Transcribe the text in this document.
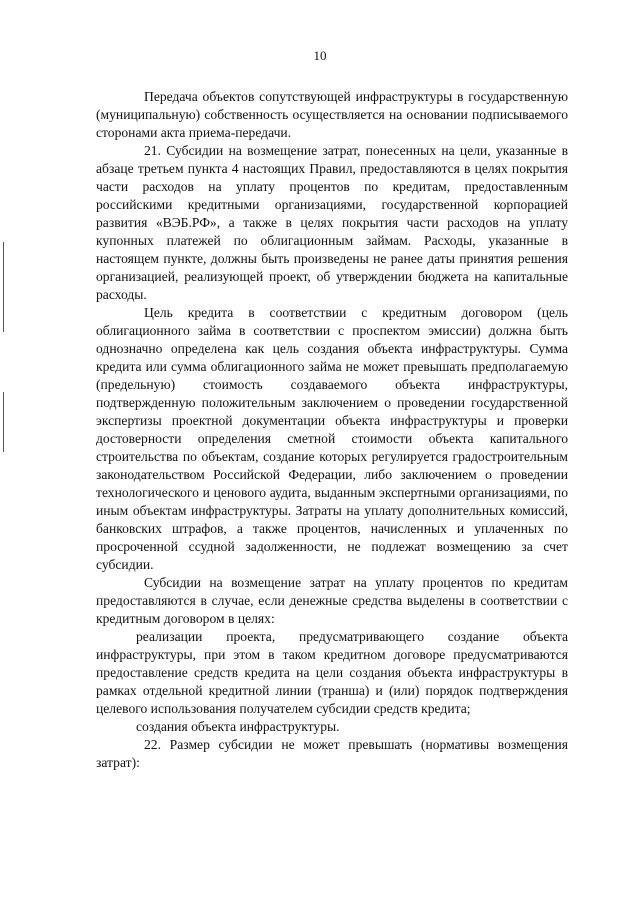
10

Передача объектов сопутствующей инфраструктуры в государственную (муниципальную) собственность осуществляется на основании подписываемого сторонами акта приема-передачи.

21. Субсидии на возмещение затрат, понесенных на цели, указанные в абзаце третьем пункта 4 настоящих Правил, предоставляются в целях покрытия части расходов на уплату процентов по кредитам, предоставленным российскими кредитными организациями, государственной корпорацией развития «ВЭБ.РФ», а также в целях покрытия части расходов на уплату купонных платежей по облигационным займам. Расходы, указанные в настоящем пункте, должны быть произведены не ранее даты принятия решения организацией, реализующей проект, об утверждении бюджета на капитальные расходы.

Цель кредита в соответствии с кредитным договором (цель облигационного займа в соответствии с проспектом эмиссии) должна быть однозначно определена как цель создания объекта инфраструктуры. Сумма кредита или сумма облигационного займа не может превышать предполагаемую (предельную) стоимость создаваемого объекта инфраструктуры, подтвержденную положительным заключением о проведении государственной экспертизы проектной документации объекта инфраструктуры и проверки достоверности определения сметной стоимости объекта капитального строительства по объектам, создание которых регулируется градостроительным законодательством Российской Федерации, либо заключением о проведении технологического и ценового аудита, выданным экспертными организациями, по иным объектам инфраструктуры. Затраты на уплату дополнительных комиссий, банковских штрафов, а также процентов, начисленных и уплаченных по просроченной ссудной задолженности, не подлежат возмещению за счет субсидии.

Субсидии на возмещение затрат на уплату процентов по кредитам предоставляются в случае, если денежные средства выделены в соответствии с кредитным договором в целях:

реализации проекта, предусматривающего создание объекта инфраструктуры, при этом в таком кредитном договоре предусматриваются предоставление средств кредита на цели создания объекта инфраструктуры в рамках отдельной кредитной линии (транша) и (или) порядок подтверждения целевого использования получателем субсидии средств кредита;

создания объекта инфраструктуры.

22. Размер субсидии не может превышать (нормативы возмещения затрат):
